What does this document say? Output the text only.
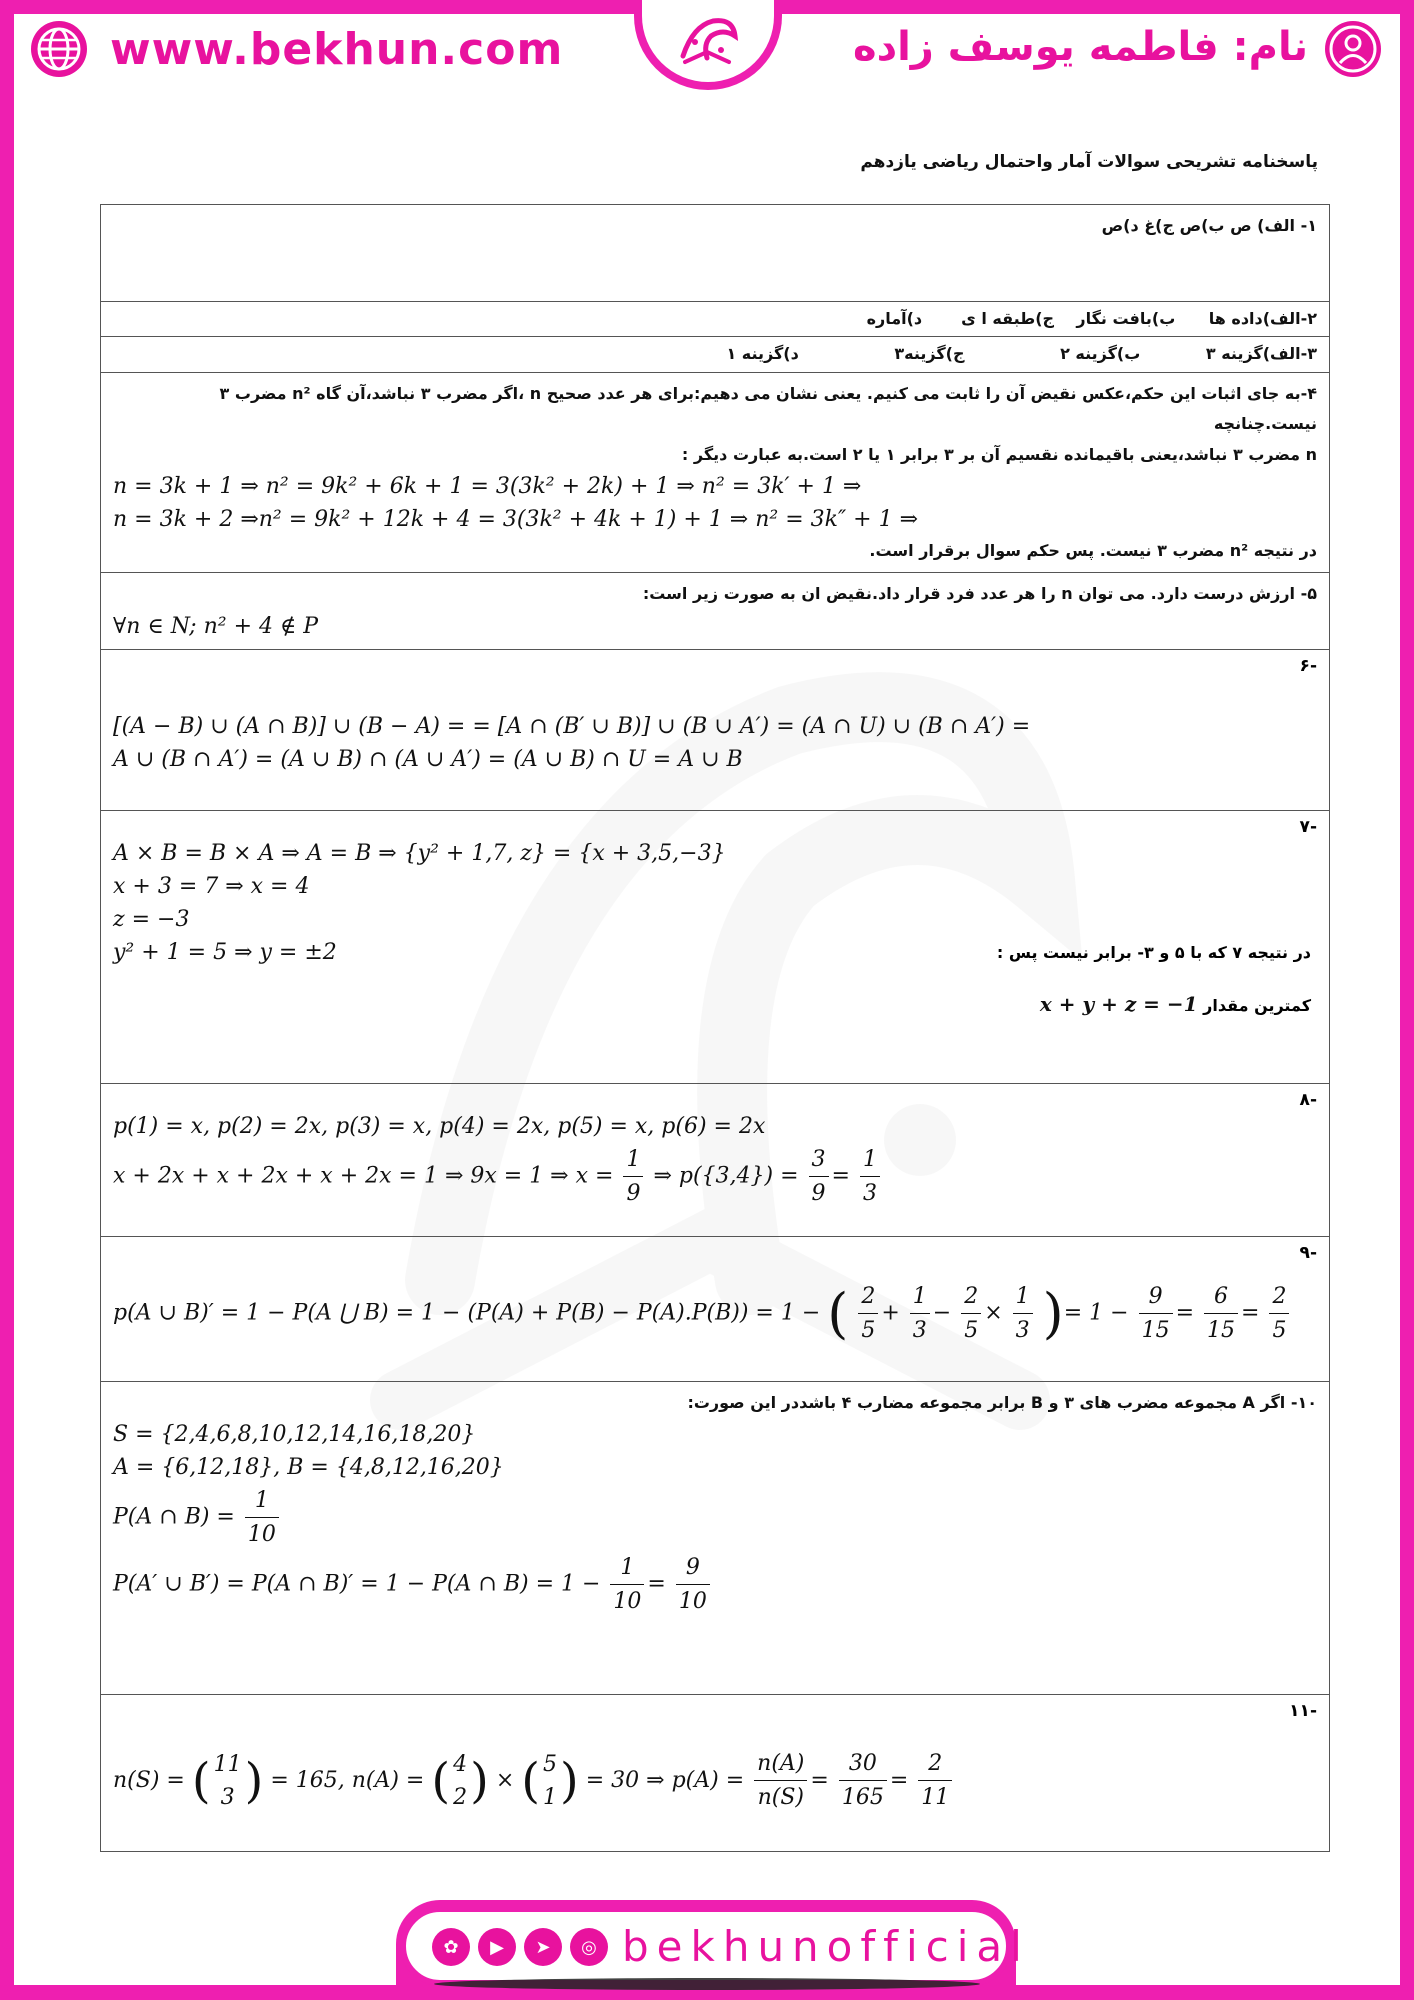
www.bekhun.com	نام: فاطمه یوسف زاده
پاسخنامه تشریحی سوالات آمار واحتمال ریاضی یازدهم
۱- الف) ص ب)ص ج)غ د)ص

۲-الف)داده ها      ب)بافت نگار    ج)طبقه ا ی       د)آماره

۳-الف)گزینه ۳ ب)گزینه ۲ ج)گزینه۳ د)گزینه ۱

۴-به جای اثبات این حکم،عکس نقیض آن را ثابت می کنیم. یعنی نشان می دهیم:برای هر عدد صحیح n ،اگر مضرب ۳ نباشد،آن گاه n² مضرب ۳ نیست.چنانچه
n مضرب ۳ نباشد،یعنی باقیمانده نقسیم آن بر ۳ برابر ۱ یا ۲ است.به عبارت دیگر :
n = 3k + 1 ⇒ n² = 9k² + 6k + 1 = 3(3k² + 2k) + 1 ⇒ n² = 3k′ + 1 ⇒
n = 3k + 2 ⇒n² = 9k² + 12k + 4 = 3(3k² + 4k + 1) + 1 ⇒ n² = 3k″ + 1 ⇒
در نتیجه n² مضرب ۳ نیست. پس حکم سوال برقرار است.

۵- ارزش درست دارد. می توان n را هر عدد فرد قرار داد.نقیض ان به صورت زیر است:
∀n ∈ N; n² + 4 ∉ P

-۶
[(A − B) ∪ (A ∩ B)] ∪ (B − A) = = [A ∩ (B′ ∪ B)] ∪ (B ∪ A′) = (A ∩ U) ∪ (B ∩ A′) =
A ∪ (B ∩ A′) = (A ∪ B) ∩ (A ∪ A′) = (A ∪ B) ∩ U = A ∪ B

-۷
A × B = B × A ⇒ A = B ⇒ {y² + 1,7, z} = {x + 3,5,−3}
x + 3 = 7 ⇒ x = 4
z = −3
y² + 1 = 5 ⇒ y = ±2	در نتیجه ۷ که با ۵ و ۳- برابر نیست پس :
کمترین مقدار x + y + z = −1

-۸
p(1) = x, p(2) = 2x, p(3) = x, p(4) = 2x, p(5) = x, p(6) = 2x
x + 2x + x + 2x + x + 2x = 1 ⇒ 9x = 1 ⇒ $x = \frac{1}{9}$ ⇒ $p(\{3,4\}) = \frac{3}{9} = \frac{1}{3}$

-۹
p(A ∪ B)′ = 1 − P(A ⋃ B) = 1 − (P(A) + P(B) − P(A).P(B)) = 1 − ( $\frac{2}{5} + \frac{1}{3} - \frac{2}{5} \times \frac{1}{3}$ )= $1 - \frac{9}{15} = \frac{6}{15} = \frac{2}{5}$

۱۰- اگر A مجموعه مضرب های ۳ و B برابر مجموعه مضارب ۴ باشددر این صورت:
S = {2,4,6,8,10,12,14,16,18,20}
A = {6,12,18}, B = {4,8,12,16,20}
P(A ∩ $B) = \frac{1}{10}$
P(A′ ∪ B′) = P(A ∩ B)′ = 1 − P(A ∩ $B) = 1 - \frac{1}{10} = \frac{9}{10}$

-۱۱
n(S) = ( 11
3 ) = 165, n(A) = ( 4
2 ) × ( 5
1 ) = 30 ⇒ $p(A) = \frac{n(A)}{n(S)} = \frac{30}{165} = \frac{2}{11}$
✿	▶	➤	◎ bekhunofficial
